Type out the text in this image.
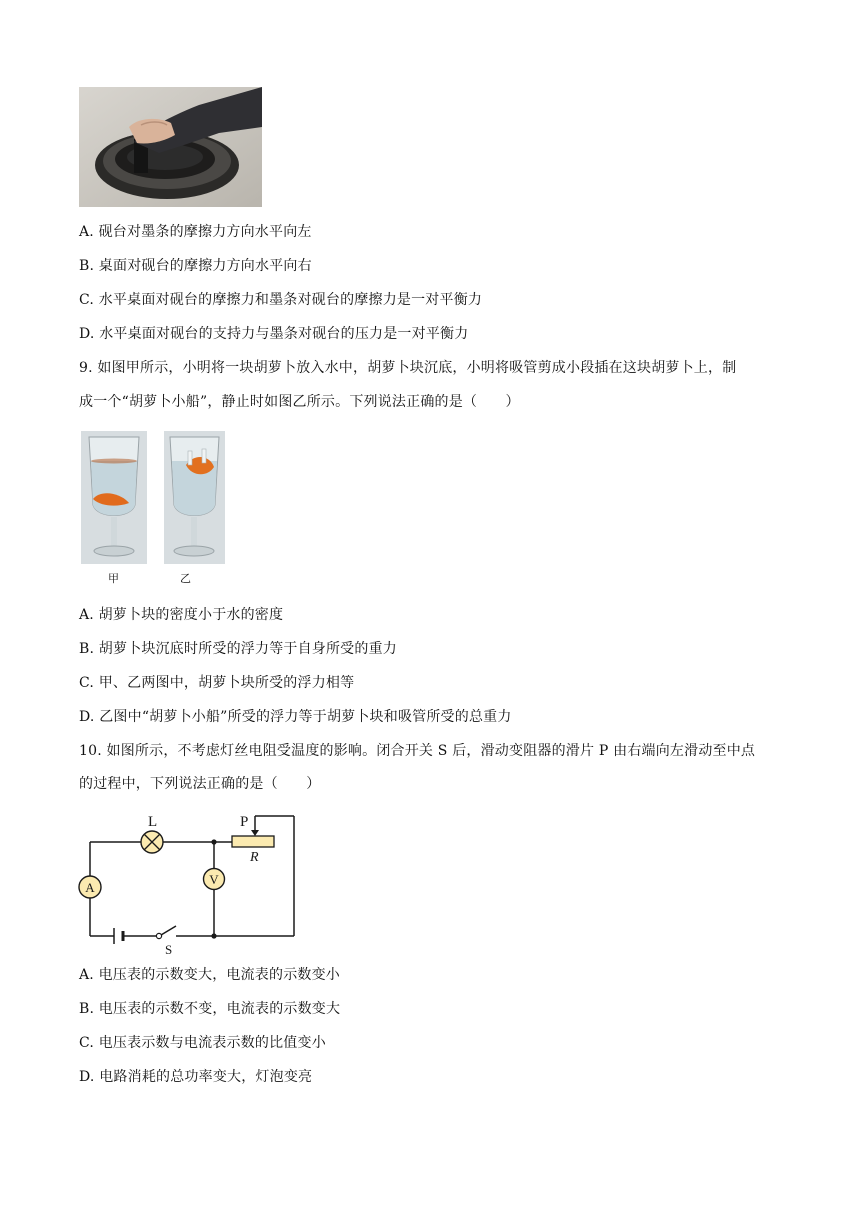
A. 砚台对墨条的摩擦力方向水平向左
B. 桌面对砚台的摩擦力方向水平向右
C. 水平桌面对砚台的摩擦力和墨条对砚台的摩擦力是一对平衡力
D. 水平桌面对砚台的支持力与墨条对砚台的压力是一对平衡力
9. 如图甲所示，小明将一块胡萝卜放入水中，胡萝卜块沉底，小明将吸管剪成小段插在这块胡萝卜上，制
成一个“胡萝卜小船”，静止时如图乙所示。下列说法正确的是（　　）
甲	乙
A. 胡萝卜块的密度小于水的密度
B. 胡萝卜块沉底时所受的浮力等于自身所受的重力
C. 甲、乙两图中，胡萝卜块所受的浮力相等
D. 乙图中“胡萝卜小船”所受的浮力等于胡萝卜块和吸管所受的总重力
10. 如图所示，不考虑灯丝电阻受温度的影响。闭合开关 S 后，滑动变阻器的滑片 P 由右端向左滑动至中点
的过程中，下列说法正确的是（　　）
A
V
L	P
R
S
A. 电压表的示数变大，电流表的示数变小
B. 电压表的示数不变，电流表的示数变大
C. 电压表示数与电流表示数的比值变小
D. 电路消耗的总功率变大，灯泡变亮
